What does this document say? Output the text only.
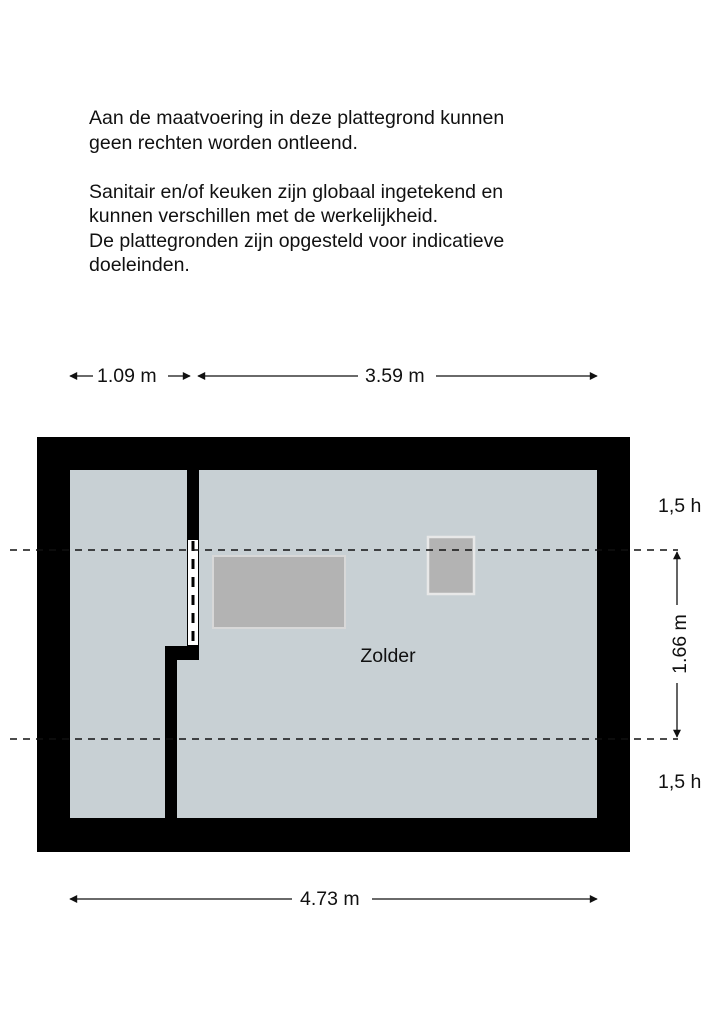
Aan de maatvoering in deze plattegrond kunnen

geen rechten worden ontleend.

Sanitair en/of keuken zijn globaal ingetekend en

kunnen verschillen met de werkelijkheid.

De plattegronden zijn opgesteld voor indicatieve

doeleinden.

1.66 m
Zolder
1.09 m	3.59 m
4.73 m
1,5 h
1,5 h
